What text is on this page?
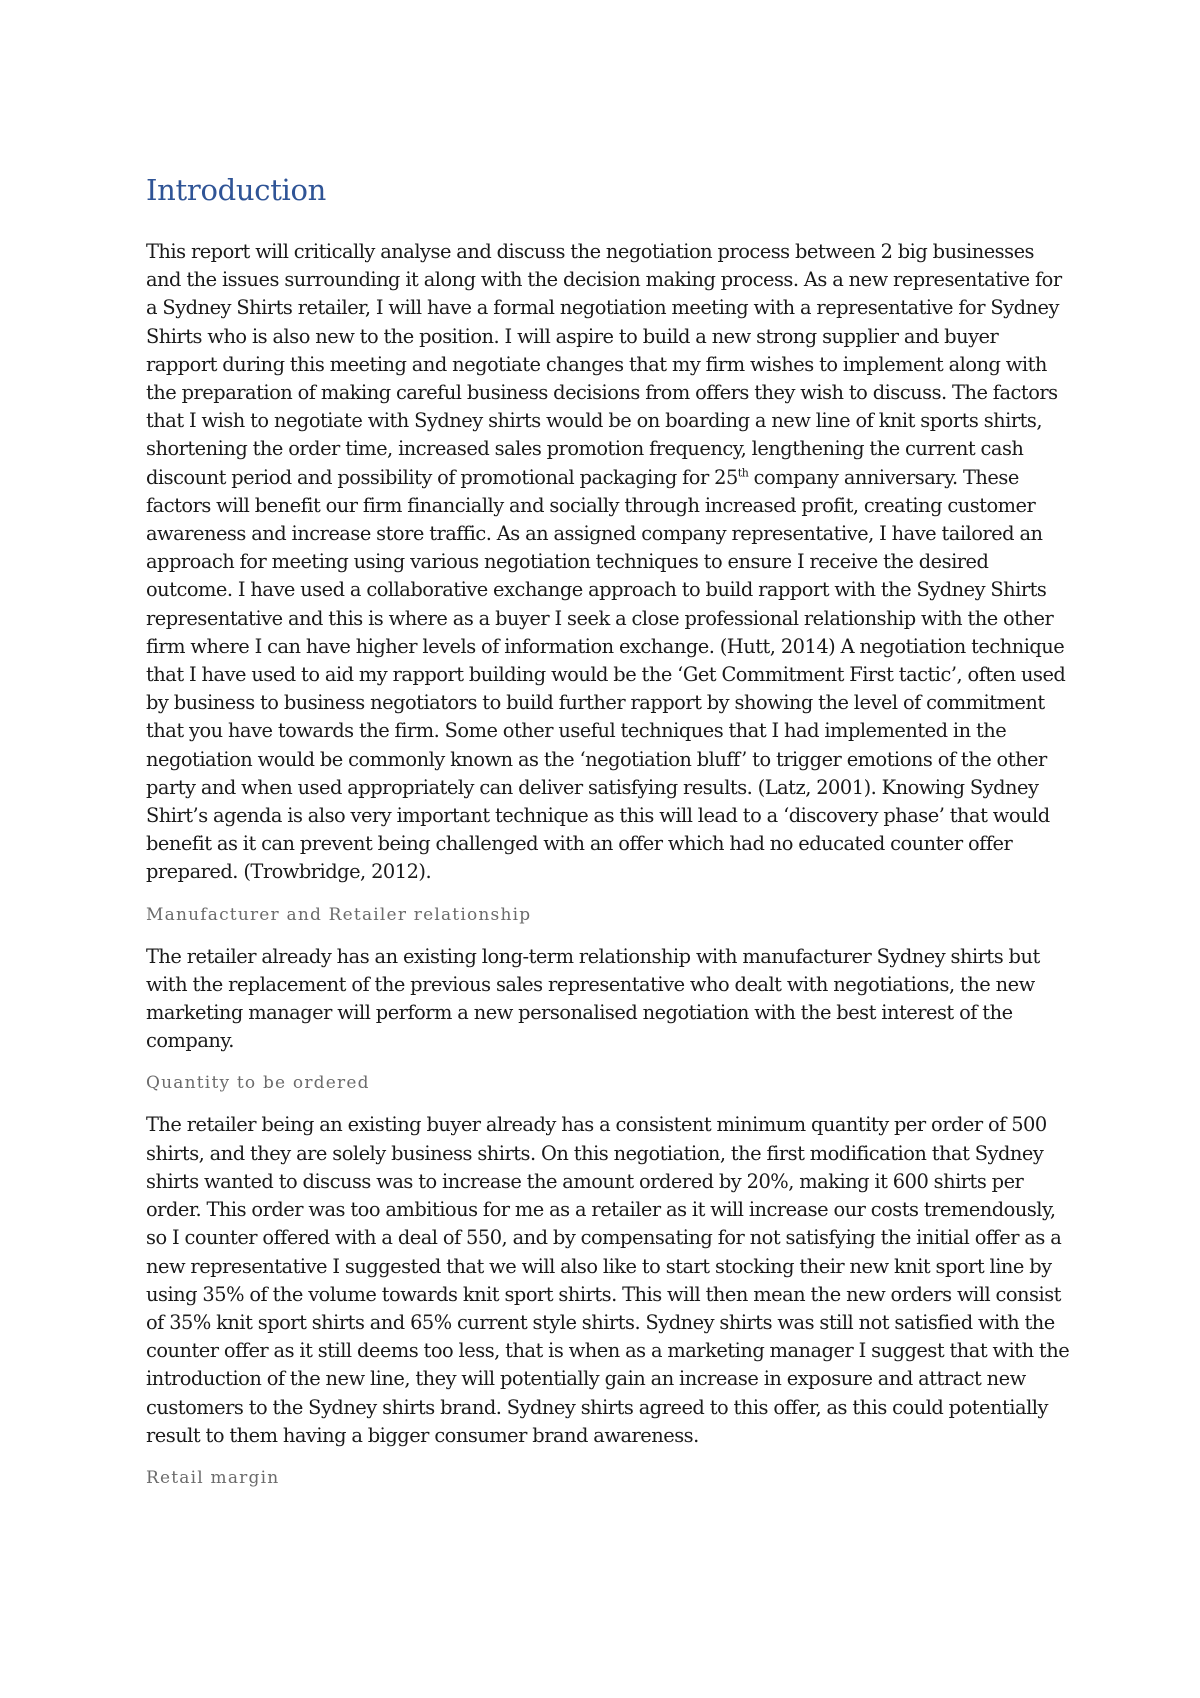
Introduction

This report will critically analyse and discuss the negotiation process between 2 big businesses and the issues surrounding it along with the decision making process. As a new representative for a Sydney Shirts retailer, I will have a formal negotiation meeting with a representative for Sydney Shirts who is also new to the position. I will aspire to build a new strong supplier and buyer rapport during this meeting and negotiate changes that my firm wishes to implement along with the preparation of making careful business decisions from offers they wish to discuss. The factors that I wish to negotiate with Sydney shirts would be on boarding a new line of knit sports shirts, shortening the order time, increased sales promotion frequency, lengthening the current cash discount period and possibility of promotional packaging for 25th company anniversary. These factors will benefit our firm financially and socially through increased profit, creating customer awareness and increase store traffic. As an assigned company representative, I have tailored an approach for meeting using various negotiation techniques to ensure I receive the desired outcome. I have used a collaborative exchange approach to build rapport with the Sydney Shirts representative and this is where as a buyer I seek a close professional relationship with the other firm where I can have higher levels of information exchange. (Hutt, 2014) A negotiation technique that I have used to aid my rapport building would be the ‘Get Commitment First tactic’, often used by business to business negotiators to build further rapport by showing the level of commitment that you have towards the firm. Some other useful techniques that I had implemented in the negotiation would be commonly known as the ‘negotiation bluff’ to trigger emotions of the other party and when used appropriately can deliver satisfying results. (Latz, 2001). Knowing Sydney Shirt’s agenda is also very important technique as this will lead to a ‘discovery phase’ that would benefit as it can prevent being challenged with an offer which had no educated counter offer prepared. (Trowbridge, 2012).

Manufacturer and Retailer relationship

The retailer already has an existing long-term relationship with manufacturer Sydney shirts but with the replacement of the previous sales representative who dealt with negotiations, the new marketing manager will perform a new personalised negotiation with the best interest of the company.

Quantity to be ordered

The retailer being an existing buyer already has a consistent minimum quantity per order of 500 shirts, and they are solely business shirts. On this negotiation, the first modification that Sydney shirts wanted to discuss was to increase the amount ordered by 20%, making it 600 shirts per order. This order was too ambitious for me as a retailer as it will increase our costs tremendously, so I counter offered with a deal of 550, and by compensating for not satisfying the initial offer as a new representative I suggested that we will also like to start stocking their new knit sport line by using 35% of the volume towards knit sport shirts. This will then mean the new orders will consist of 35% knit sport shirts and 65% current style shirts. Sydney shirts was still not satisfied with the counter offer as it still deems too less, that is when as a marketing manager I suggest that with the introduction of the new line, they will potentially gain an increase in exposure and attract new customers to the Sydney shirts brand. Sydney shirts agreed to this offer, as this could potentially result to them having a bigger consumer brand awareness.

Retail margin
